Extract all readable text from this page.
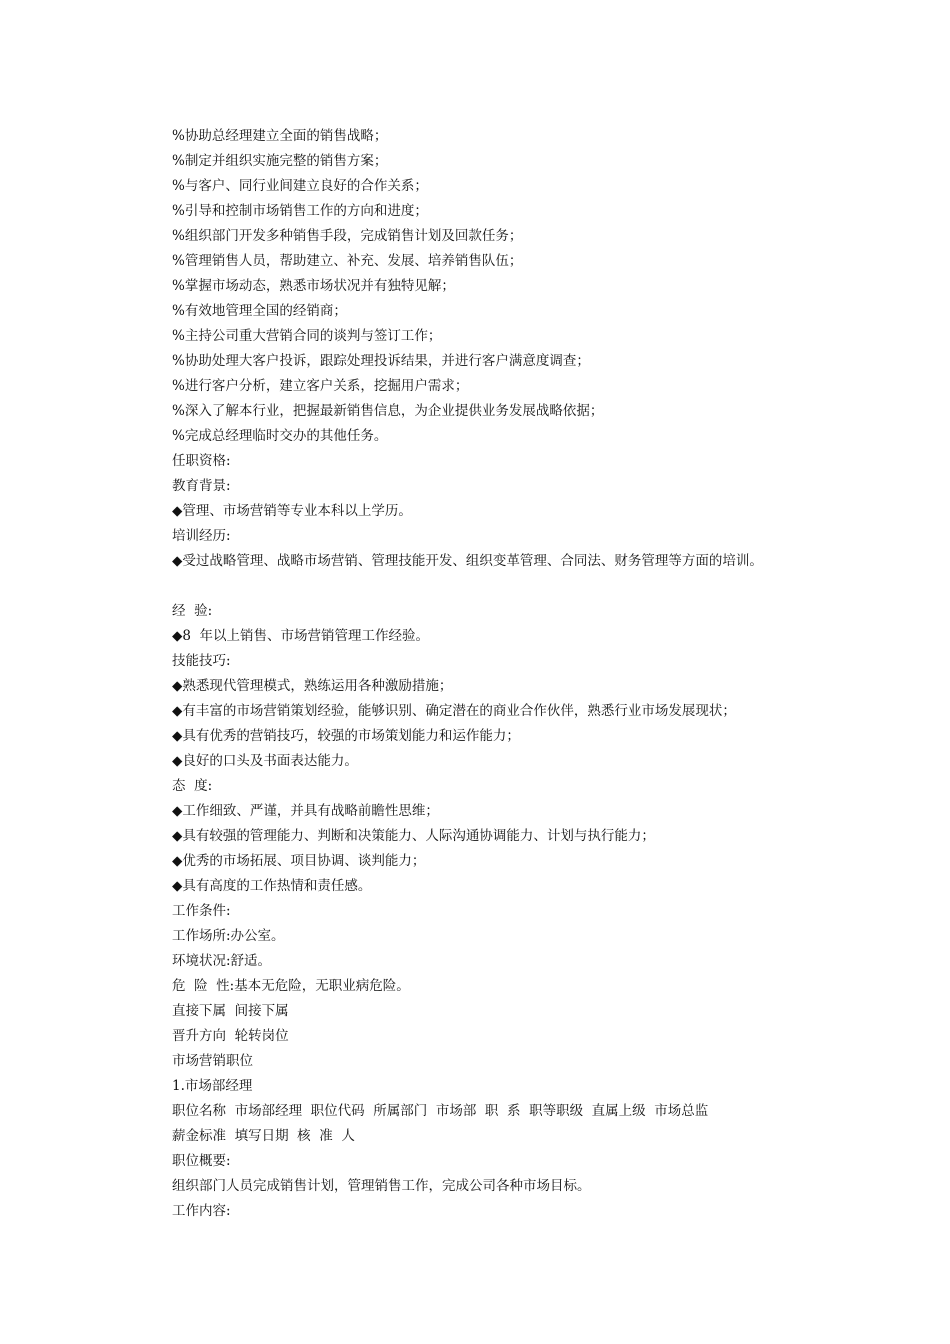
%协助总经理建立全面的销售战略；
%制定并组织实施完整的销售方案；
%与客户、同行业间建立良好的合作关系；
%引导和控制市场销售工作的方向和进度；
%组织部门开发多种销售手段，完成销售计划及回款任务；
%管理销售人员，帮助建立、补充、发展、培养销售队伍；
%掌握市场动态，熟悉市场状况并有独特见解；
%有效地管理全国的经销商；
%主持公司重大营销合同的谈判与签订工作；
%协助处理大客户投诉，跟踪处理投诉结果，并进行客户满意度调查；
%进行客户分析，建立客户关系，挖掘用户需求；
%深入了解本行业，把握最新销售信息，为企业提供业务发展战略依据；
%完成总经理临时交办的其他任务。
任职资格:
教育背景:
◆管理、市场营销等专业本科以上学历。
培训经历:
◆受过战略管理、战略市场营销、管理技能开发、组织变革管理、合同法、财务管理等方面的培训。
经  验:
◆8  年以上销售、市场营销管理工作经验。
技能技巧:
◆熟悉现代管理模式，熟练运用各种激励措施；
◆有丰富的市场营销策划经验，能够识别、确定潜在的商业合作伙伴，熟悉行业市场发展现状；
◆具有优秀的营销技巧，较强的市场策划能力和运作能力；
◆良好的口头及书面表达能力。
态  度:
◆工作细致、严谨，并具有战略前瞻性思维；
◆具有较强的管理能力、判断和决策能力、人际沟通协调能力、计划与执行能力；
◆优秀的市场拓展、项目协调、谈判能力；
◆具有高度的工作热情和责任感。
工作条件:
工作场所:办公室。
环境状况:舒适。
危  险  性:基本无危险，无职业病危险。
直接下属  间接下属
晋升方向  轮转岗位
市场营销职位
1.市场部经理
职位名称  市场部经理  职位代码  所属部门  市场部  职  系  职等职级  直属上级  市场总监
薪金标准  填写日期  核  准  人
职位概要:
组织部门人员完成销售计划，管理销售工作，完成公司各种市场目标。
工作内容:
